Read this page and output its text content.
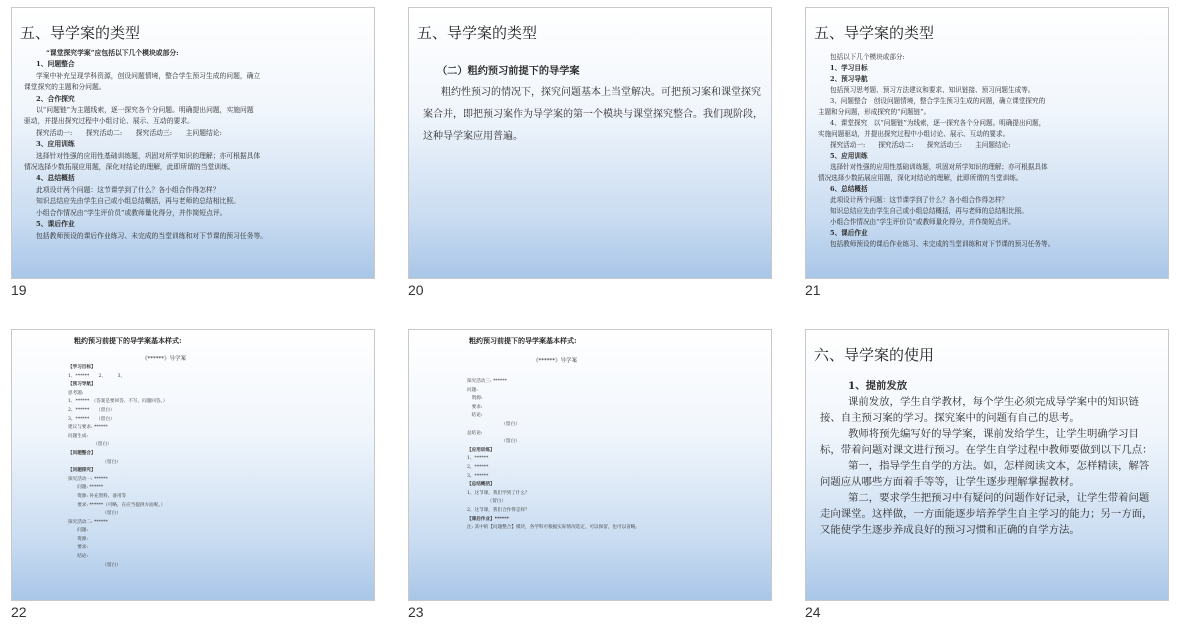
五、导学案的类型
“课堂探究学案”应包括以下几个模块或部分:
1、问题整合
学案中补充呈现学科资源，创设问题情境，整合学生预习生成的问题，确立
课堂探究的主题和分问题。
2、合作探究
以“问题链”为主题线索，逐一探究各个分问题。明确提出问题，实施问题
驱动，并提出探究过程中小组讨论、展示、互动的要求。
探究活动一:　　探究活动二:　　探究活动三:　　主问题结论:
3、应用训练
选择针对性强的应用性基础训练题，巩固对所学知识的理解；亦可根据具体
情况选择少数拓展应用题，深化对结论的理解，此即所谓的当堂训练。
4、总结概括
此项设计两个问题：这节课学到了什么？各小组合作得怎样？
知识总结应先由学生自己或小组总结概括，再与老师的总结相比照。
小组合作情况由“学生评价员”或教师量化得分，并作简短点评。
5、课后作业
包括教师预设的课后作业练习、未完成的当堂训练和对下节课的预习任务等。
19
五、导学案的类型
（二）粗约预习前提下的导学案
粗约性预习的情况下，探究问题基本上当堂解决。可把预习案和课堂探究案合并，即把预习案作为导学案的第一个模块与课堂探究整合。我们现阶段，这种导学案应用普遍。
20
五、导学案的类型
包括以下几个模块或部分:
1、学习目标
2、预习导航
包括预习思考题、预习方法建议和要求、知识链接、预习问题生成等。
3、问题整合　创设问题情境，整合学生预习生成的问题，确立课堂探究的
主题和分问题，形成探究的“问题链”。
4、课堂探究　以“问题链”为线索，逐一探究各个分问题。明确提出问题，
实施问题驱动，并提出探究过程中小组讨论、展示、互动的要求。
探究活动一:　　探究活动二:　　探究活动三:　　主问题结论:
5、应用训练
选择针对性强的应用性基础训练题，巩固对所学知识的理解；亦可根据具体
情况选择少数拓展应用题，深化对结论的理解，此即所谓的当堂训练。
6、总结概括
此项设计两个问题：这节课学到了什么？各小组合作得怎样？
知识总结应先由学生自己或小组总结概括，再与老师的总结相比照。
小组合作情况由“学生评价员”或教师量化得分，并作简短点评。
5、课后作业
包括教师预设的课后作业练习、未完成的当堂训练和对下节课的预习任务等。
21
粗约预习前提下的导学案基本样式:
《******》导学案
【学习目标】
1、******　　2、　　　3、
【预习导航】
思考题:
1、******　（答案是要回答、不写、问题回答。）
2、******　　（留白）
3、******　　（留白）
建议与要求: ******
问题生成:
　　　　　　（留白）
【问题整合】
　　　　　　　　（留白）
【问题探究】
探究活动一: ******
　　问题: ******
　　资源: 补充资料、备用等
　　要求: ******（可略，在应当提供方面呢。）
　　　　　　　　（留白）
探究活动二: ******
　　问题:
　　资源:
　　要求:
　　结论:
　　　　　　　　（留白）
22
粗约预习前提下的导学案基本样式:
《******》导学案
探究活动三: ******
问题:
　资源:
　要求:
　结论:
　　　　　　　　（留白）
总结论:
　　　　　　　　（留白）
【应用训练】
1、******
2、******
3、******
【总结概括】
1、这节课，我们学到了什么？
　　　　　（留白）
2、这节课，我们合作得怎样？
【课后作业】******
注: 其中的【问题整合】模块，各学科可根据实际情况选定，可以保留，也可以省略。
23
六、导学案的使用
1、提前发放
课前发放，学生自学教材，每个学生必须完成导学案中的知识链接、自主预习案的学习。探究案中的问题有自己的思考。
教师将预先编写好的导学案，课前发给学生，让学生明确学习目标，带着问题对课文进行预习。在学生自学过程中教师要做到以下几点：
第一，指导学生自学的方法。如，怎样阅读文本，怎样精读，解答问题应从哪些方面着手等等，让学生逐步理解掌握教材。
第二，要求学生把预习中有疑问的问题作好记录，让学生带着问题走向课堂。这样做，一方面能逐步培养学生自主学习的能力；另一方面，又能使学生逐步养成良好的预习习惯和正确的自学方法。
24
